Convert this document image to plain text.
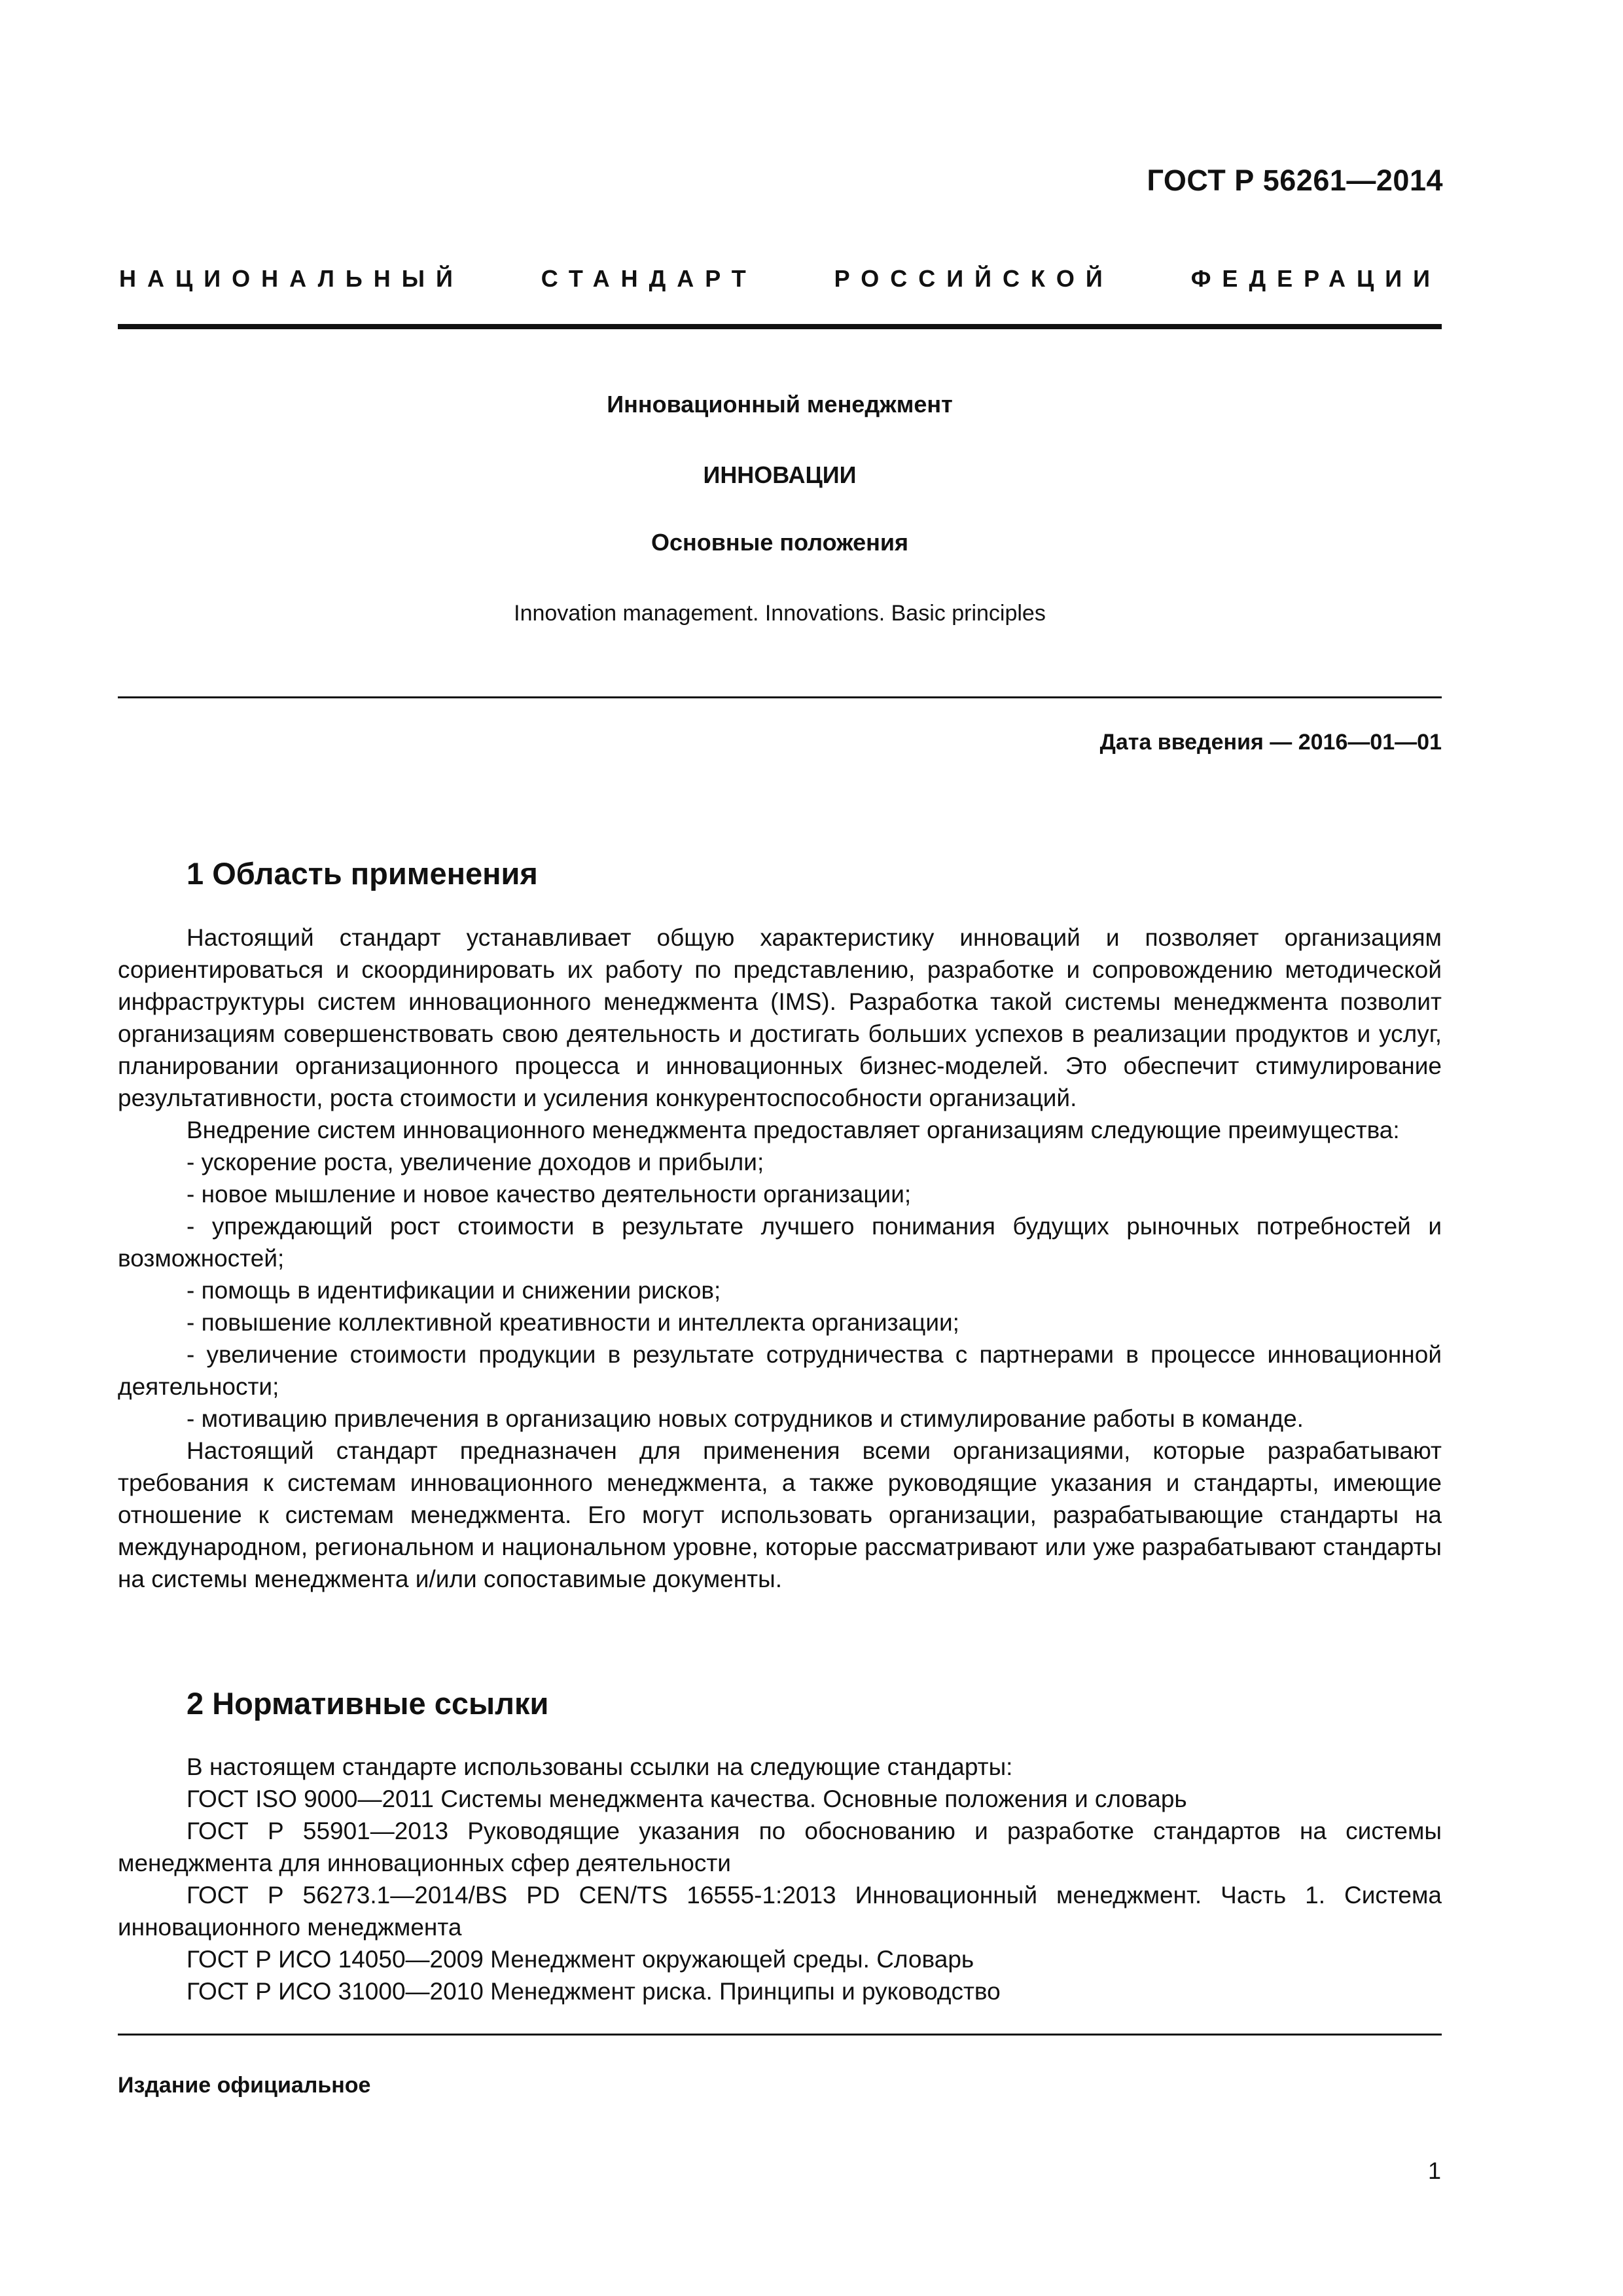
ГОСТ Р 56261—2014
НАЦИОНАЛЬНЫЙ СТАНДАРТ РОССИЙСКОЙ ФЕДЕРАЦИИ
Инновационный менеджмент
ИННОВАЦИИ
Основные положения
Innovation management. Innovations. Basic principles
Дата введения — 2016—01—01
1 Область применения

Настоящий стандарт устанавливает общую характеристику инноваций и позволяет организациям сориентироваться и скоординировать их работу по представлению, разработке и сопровождению методической инфраструктуры систем инновационного менеджмента (IMS). Разработка такой системы менеджмента позволит организациям совершенствовать свою деятельность и достигать больших успехов в реализации продуктов и услуг, планировании организационного процесса и инновационных бизнес-моделей. Это обеспечит стимулирование результативности, роста стоимости и усиления конкурентоспособности организаций.

Внедрение систем инновационного менеджмента предоставляет организациям следующие преимущества:

- ускорение роста, увеличение доходов и прибыли;

- новое мышление и новое качество деятельности организации;

- упреждающий рост стоимости в результате лучшего понимания будущих рыночных потребностей и возможностей;

- помощь в идентификации и снижении рисков;

- повышение коллективной креативности и интеллекта организации;

- увеличение стоимости продукции в результате сотрудничества с партнерами в процессе инновационной деятельности;

- мотивацию привлечения в организацию новых сотрудников и стимулирование работы в команде.

Настоящий стандарт предназначен для применения всеми организациями, которые разрабатывают требования к системам инновационного менеджмента, а также руководящие указания и стандарты, имеющие отношение к системам менеджмента. Его могут использовать организации, разрабатывающие стандарты на международном, региональном и национальном уровне, которые рассматривают или уже разрабатывают стандарты на системы менеджмента и/или сопоставимые документы.

2 Нормативные ссылки

В настоящем стандарте использованы ссылки на следующие стандарты:

ГОСТ ISO 9000—2011 Системы менеджмента качества. Основные положения и словарь

ГОСТ Р 55901—2013 Руководящие указания по обоснованию и разработке стандартов на системы менеджмента для инновационных сфер деятельности

ГОСТ Р 56273.1—2014/BS PD CEN/TS 16555-1:2013 Инновационный менеджмент. Часть 1. Система инновационного менеджмента

ГОСТ Р ИСО 14050—2009 Менеджмент окружающей среды. Словарь

ГОСТ Р ИСО 31000—2010 Менеджмент риска. Принципы и руководство

Издание официальное
1
